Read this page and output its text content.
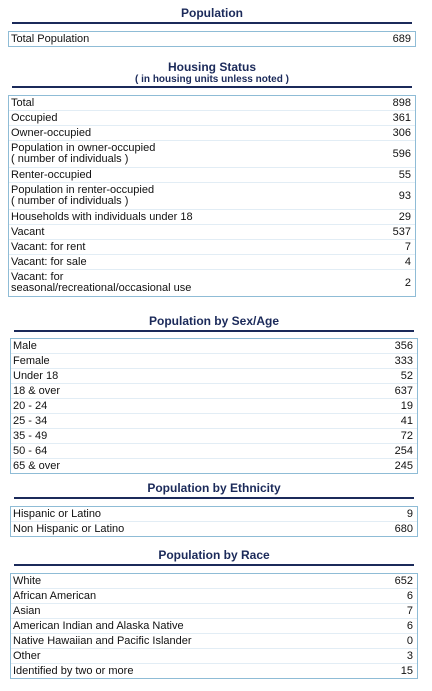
Population
Total Population	689
Housing Status
( in housing units unless noted )
Total	898
Occupied	361
Owner-occupied	306
Population in owner-occupied
( number of individuals )	596
Renter-occupied	55
Population in renter-occupied
( number of individuals )	93
Households with individuals under 18	29
Vacant	537
Vacant: for rent	7
Vacant: for sale	4
Vacant: for
seasonal/recreational/occasional use	2
Population by Sex/Age
Male	356
Female	333
Under 18	52
18 & over	637
20 - 24	19
25 - 34	41
35 - 49	72
50 - 64	254
65 & over	245
Population by Ethnicity
Hispanic or Latino	9
Non Hispanic or Latino	680
Population by Race
White	652
African American	6
Asian	7
American Indian and Alaska Native	6
Native Hawaiian and Pacific Islander	0
Other	3
Identified by two or more	15
